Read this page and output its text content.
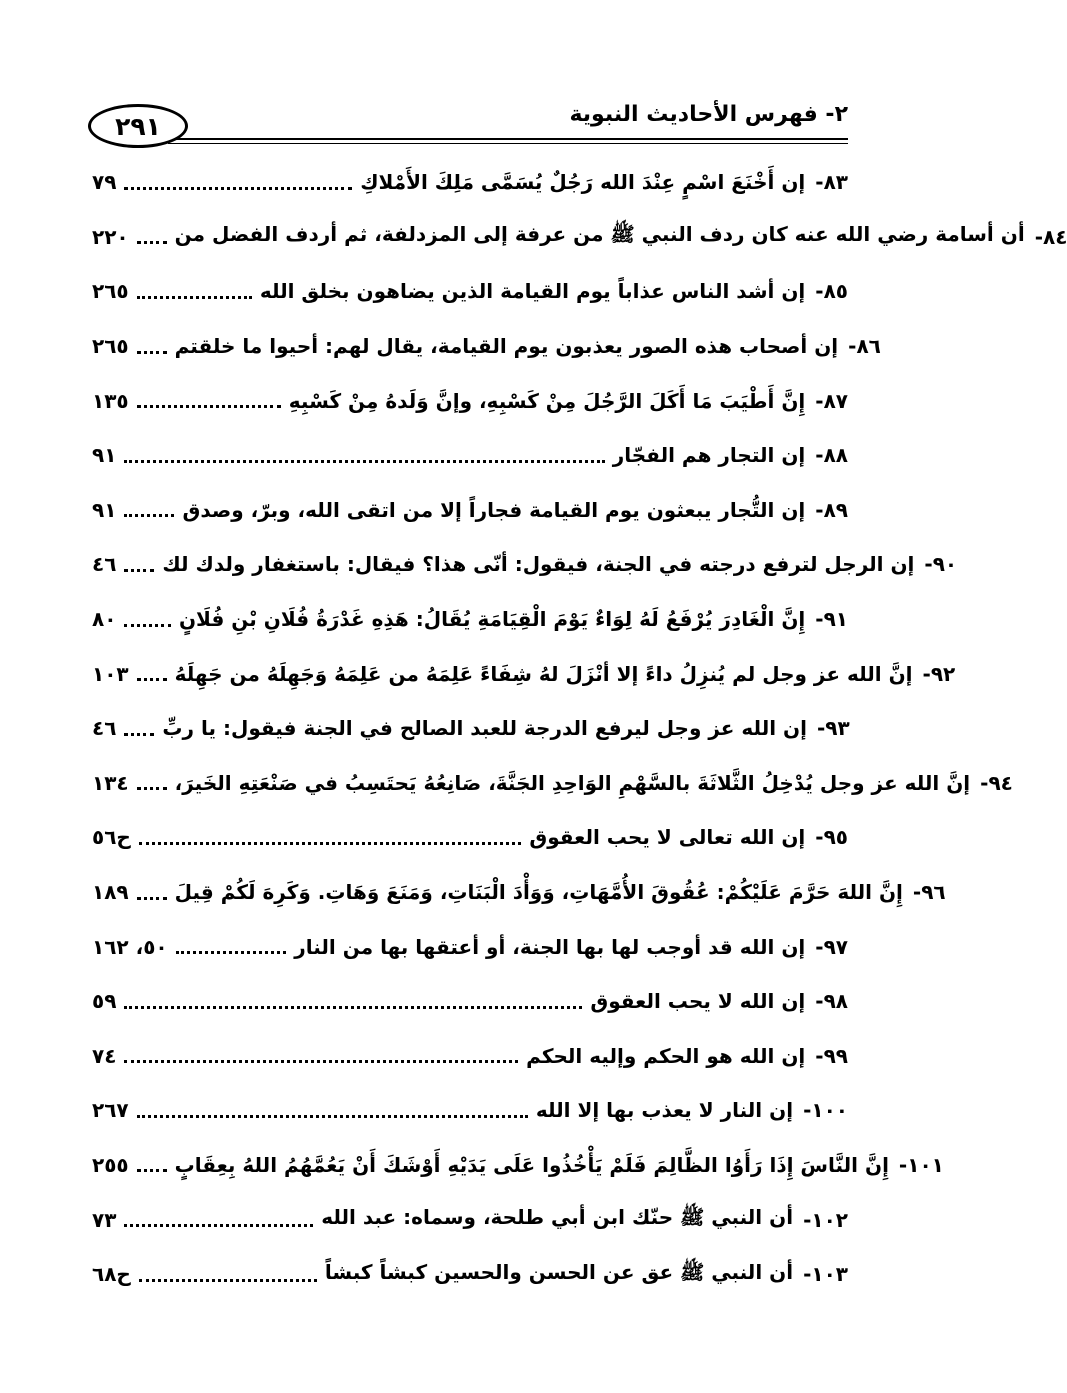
٢٩١	٢- فهرس الأحاديث النبوية
٧٩	إن أَخْنَعَ اسْمٍ عِنْدَ الله رَجُلٌ يُسَمَّى مَلِكَ الأَمْلاكِ ٨٣-
٢٢٠ أن أسامة رضي الله عنه كان ردف النبي ﷺ من عرفة إلى المزدلفة، ثم أردف الفضل من ٨٤-
٢٦٥	إن أشد الناس عذاباً يوم القيامة الذين يضاهون بخلق الله ٨٥-
٢٦٥ إن أصحاب هذه الصور يعذبون يوم القيامة، يقال لهم: أحيوا ما خلقتم ٨٦-
١٣٥	إِنَّ أَطْيَبَ مَا أَكَلَ الرَّجُلَ مِنْ كَسْبِهِ، وإنَّ وَلَدهُ مِنْ كَسْبِهِ ٨٧-
٩١	إن التجار هم الفجّار ٨٨-
٩١	إن التُّجار يبعثون يوم القيامة فجاراً إلا من اتقى الله، وبرّ، وصدق ٨٩-
٤٦ إن الرجل لترفع درجته في الجنة، فيقول: أنّى هذا؟ فيقال: باستغفار ولدك لك ٩٠-
٨٠	إِنَّ الْغَادِرَ يُرْفَعُ لَهُ لِوَاءٌ يَوْمَ الْقِيَامَةِ يُقَالُ: هَذِهِ غَدْرَةُ فُلَانِ بْنِ فُلَانٍ ٩١-
١٠٣ إنَّ الله عز وجل لم يُنزِلُ داءً إلا أنْزَلَ لهُ شِفَاءً عَلِمَهُ من عَلِمَهُ وَجَهِلَهُ من جَهِلَهُ ٩٢-
٤٦ إن الله عز وجل ليرفع الدرجة للعبد الصالح في الجنة فيقول: يا ربِّ ٩٣-
١٣٤ إنَّ الله عز وجل يُدْخِلُ الثَّلاثَةَ بالسَّهْمِ الوَاحِدِ الجَنَّةَ، صَانِعُهُ يَحتَسِبُ في صَنْعَتِهِ الخَيرَ، ٩٤-
ح٥٦	إن الله تعالى لا يحب العقوق ٩٥-
١٨٩ إِنَّ اللهَ حَرَّمَ عَلَيْكُمْ: عُقُوقَ الأُمَّهَاتِ، وَوَأْدَ الْبَنَاتِ، وَمَنَعَ وَهَاتِ. وَكَرِهَ لَكُمْ قِيلَ ٩٦-
٥٠، ١٦٢	إن الله قد أوجب لها بها الجنة، أو أعتقها بها من النار ٩٧-
٥٩	إن الله لا يحب العقوق ٩٨-
٧٤	إن الله هو الحكم وإليه الحكم ٩٩-
٢٦٧	إن النار لا يعذب بها إلا الله ١٠٠-
٢٥٥ إِنَّ النَّاسَ إِذَا رَأَوُا الظَّالِمَ فَلَمْ يَأْخُذُوا عَلَى يَدَيْهِ أَوْشَكَ أَنْ يَعُمَّهُمُ اللهُ بِعِقَابٍ ١٠١-
٧٣	أن النبي ﷺ حنّك ابن أبي طلحة، وسماه: عبد الله ١٠٢-
ح٦٨	أن النبي ﷺ عق عن الحسن والحسين كبشاً كبشاً ١٠٣-
